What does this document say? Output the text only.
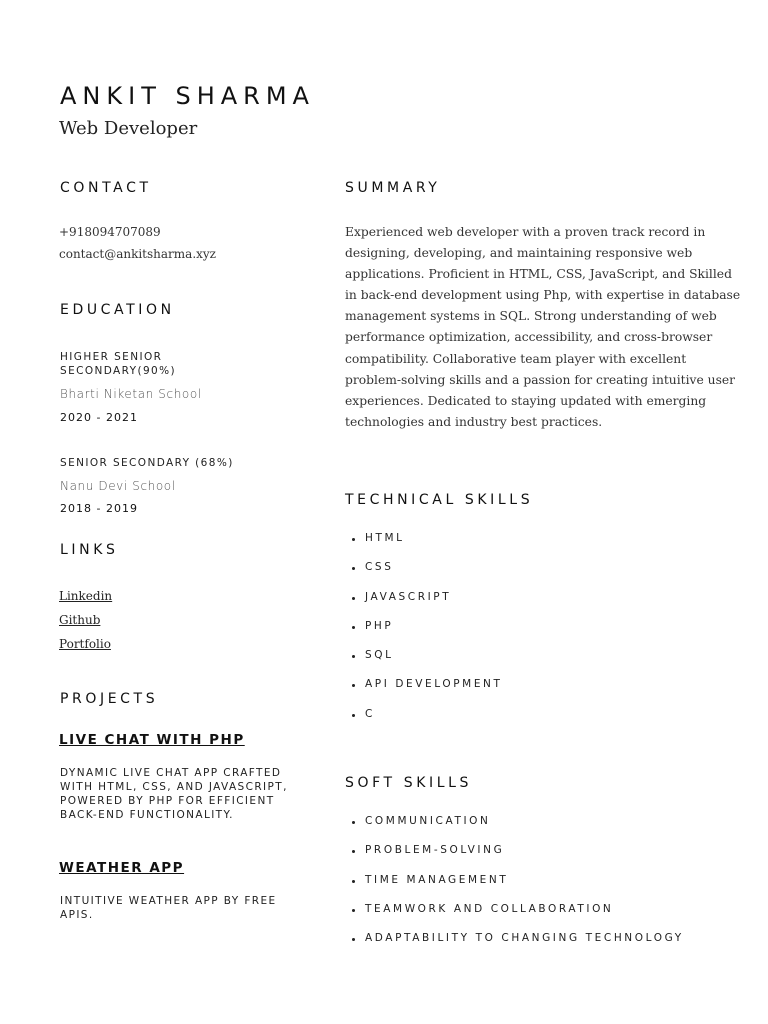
ANKIT SHARMA
Web Developer
CONTACT
+918094707089
contact@ankitsharma.xyz
EDUCATION
HIGHER SENIOR SECONDARY(90%)
Bharti Niketan School
2020 - 2021
SENIOR SECONDARY (68%)
Nanu Devi School
2018 - 2019
LINKS
Linkedin
Github
Portfolio
PROJECTS
LIVE CHAT WITH PHP
DYNAMIC LIVE CHAT APP CRAFTED WITH HTML, CSS, AND JAVASCRIPT, POWERED BY PHP FOR EFFICIENT BACK-END FUNCTIONALITY.
WEATHER APP
INTUITIVE WEATHER APP BY FREE APIS.
SUMMARY
Experienced web developer with a proven track record in designing, developing, and maintaining responsive web applications. Proficient in HTML, CSS, JavaScript, and Skilled in back-end development using Php, with expertise in database management systems in SQL. Strong understanding of web performance optimization, accessibility, and cross-browser compatibility. Collaborative team player with excellent problem-solving skills and a passion for creating intuitive user experiences. Dedicated to staying updated with emerging technologies and industry best practices.
TECHNICAL SKILLS
HTML
CSS
JAVASCRIPT
PHP
SQL
API DEVELOPMENT
C
SOFT SKILLS
COMMUNICATION
PROBLEM-SOLVING
TIME MANAGEMENT
TEAMWORK AND COLLABORATION
ADAPTABILITY TO CHANGING TECHNOLOGY
